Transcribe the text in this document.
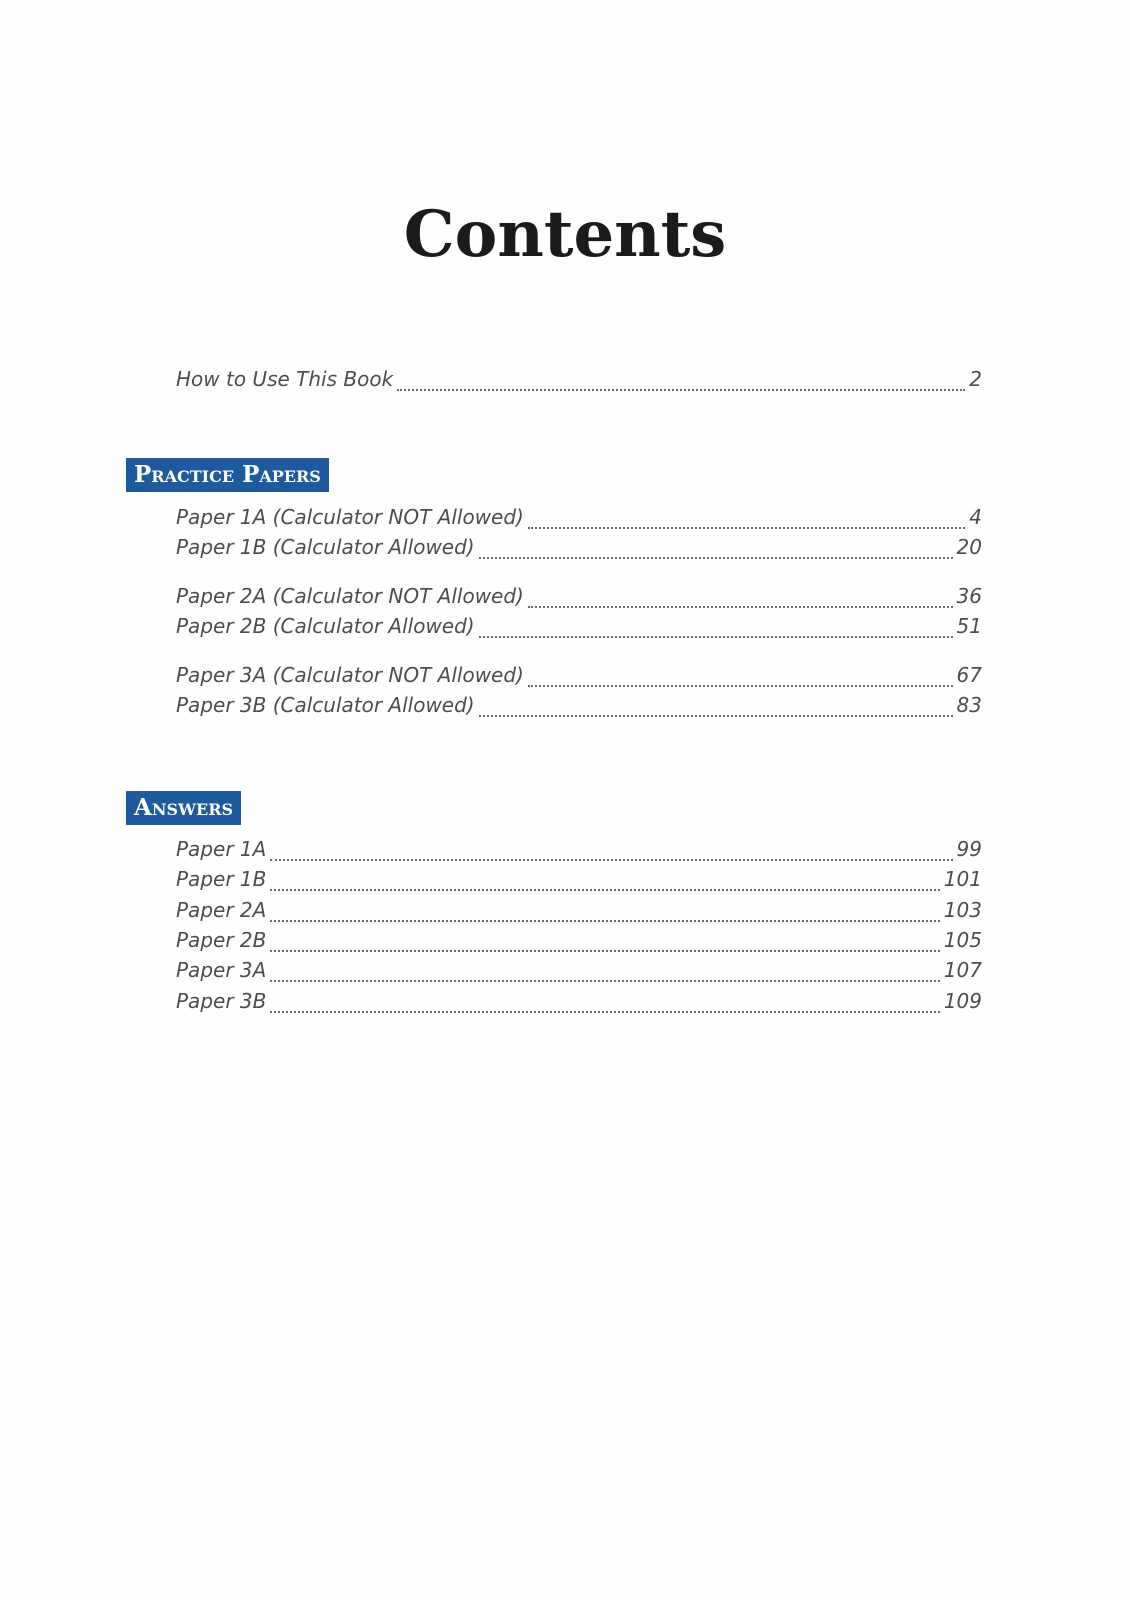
Contents
How to Use This Book	2
Practice Papers
Paper 1A (Calculator NOT Allowed)	4
Paper 1B (Calculator Allowed)	20
Paper 2A (Calculator NOT Allowed)	36
Paper 2B (Calculator Allowed)	51
Paper 3A (Calculator NOT Allowed)	67
Paper 3B (Calculator Allowed)	83
Answers
Paper 1A	99
Paper 1B	101
Paper 2A	103
Paper 2B	105
Paper 3A	107
Paper 3B	109
